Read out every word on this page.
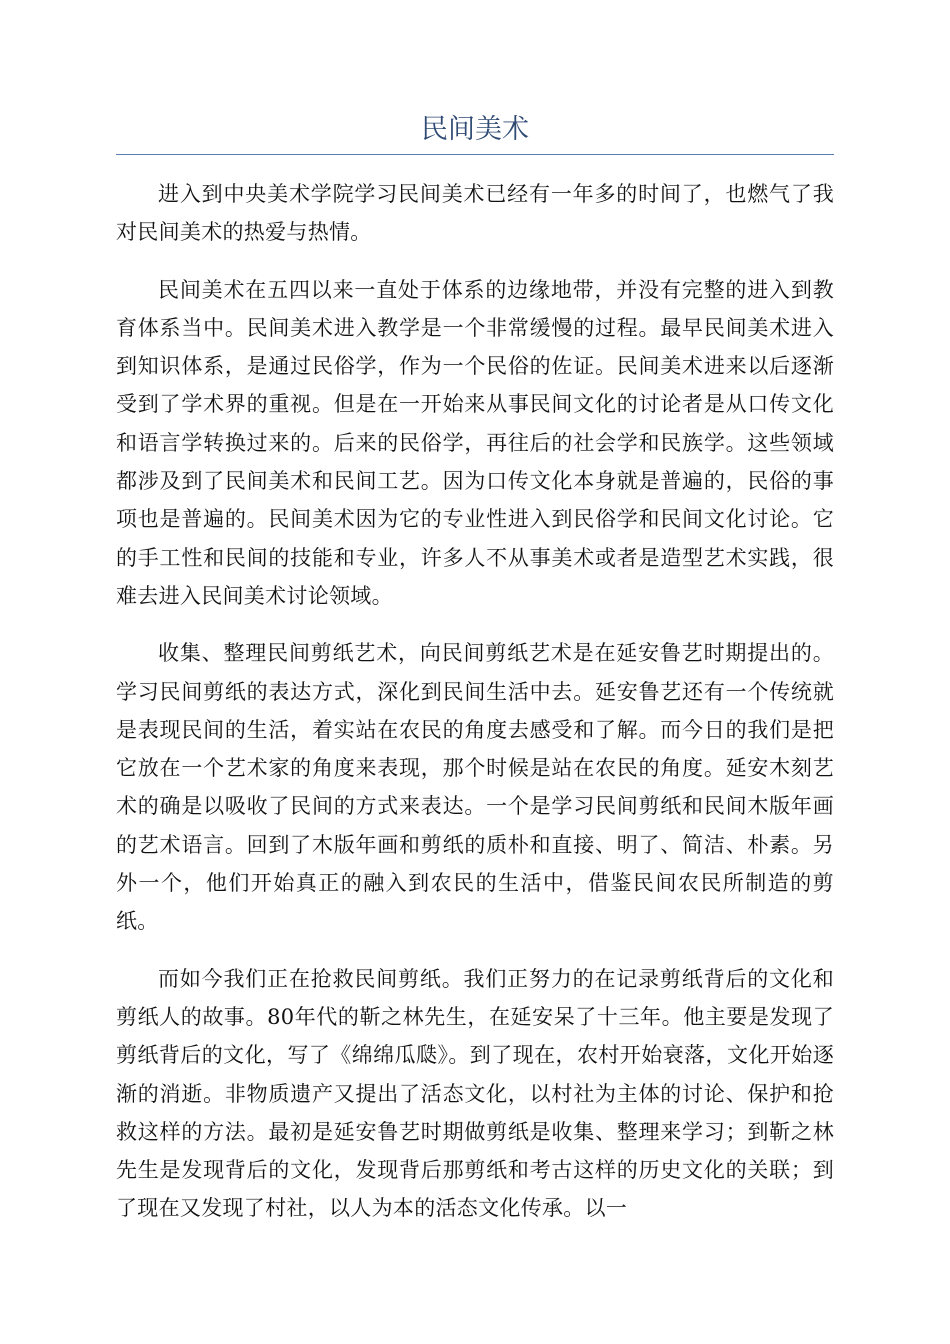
民间美术

进入到中央美术学院学习民间美术已经有一年多的时间了，也燃气了我对民间美术的热爱与热情。

民间美术在五四以来一直处于体系的边缘地带，并没有完整的进入到教育体系当中。民间美术进入教学是一个非常缓慢的过程。最早民间美术进入到知识体系，是通过民俗学，作为一个民俗的佐证。民间美术进来以后逐渐受到了学术界的重视。但是在一开始来从事民间文化的讨论者是从口传文化和语言学转换过来的。后来的民俗学，再往后的社会学和民族学。这些领域都涉及到了民间美术和民间工艺。因为口传文化本身就是普遍的，民俗的事项也是普遍的。民间美术因为它的专业性进入到民俗学和民间文化讨论。它的手工性和民间的技能和专业，许多人不从事美术或者是造型艺术实践，很难去进入民间美术讨论领域。

收集、整理民间剪纸艺术，向民间剪纸艺术是在延安鲁艺时期提出的。学习民间剪纸的表达方式，深化到民间生活中去。延安鲁艺还有一个传统就是表现民间的生活，着实站在农民的角度去感受和了解。而今日的我们是把它放在一个艺术家的角度来表现，那个时候是站在农民的角度。延安木刻艺术的确是以吸收了民间的方式来表达。一个是学习民间剪纸和民间木版年画的艺术语言。回到了木版年画和剪纸的质朴和直接、明了、简洁、朴素。另外一个，他们开始真正的融入到农民的生活中，借鉴民间农民所制造的剪纸。

而如今我们正在抢救民间剪纸。我们正努力的在记录剪纸背后的文化和剪纸人的故事。80年代的靳之林先生，在延安呆了十三年。他主要是发现了剪纸背后的文化，写了《绵绵瓜瓞》。到了现在，农村开始衰落，文化开始逐渐的消逝。非物质遗产又提出了活态文化，以村社为主体的讨论、保护和抢救这样的方法。最初是延安鲁艺时期做剪纸是收集、整理来学习；到靳之林先生是发现背后的文化，发现背后那剪纸和考古这样的历史文化的关联；到了现在又发现了村社，以人为本的活态文化传承。以一
